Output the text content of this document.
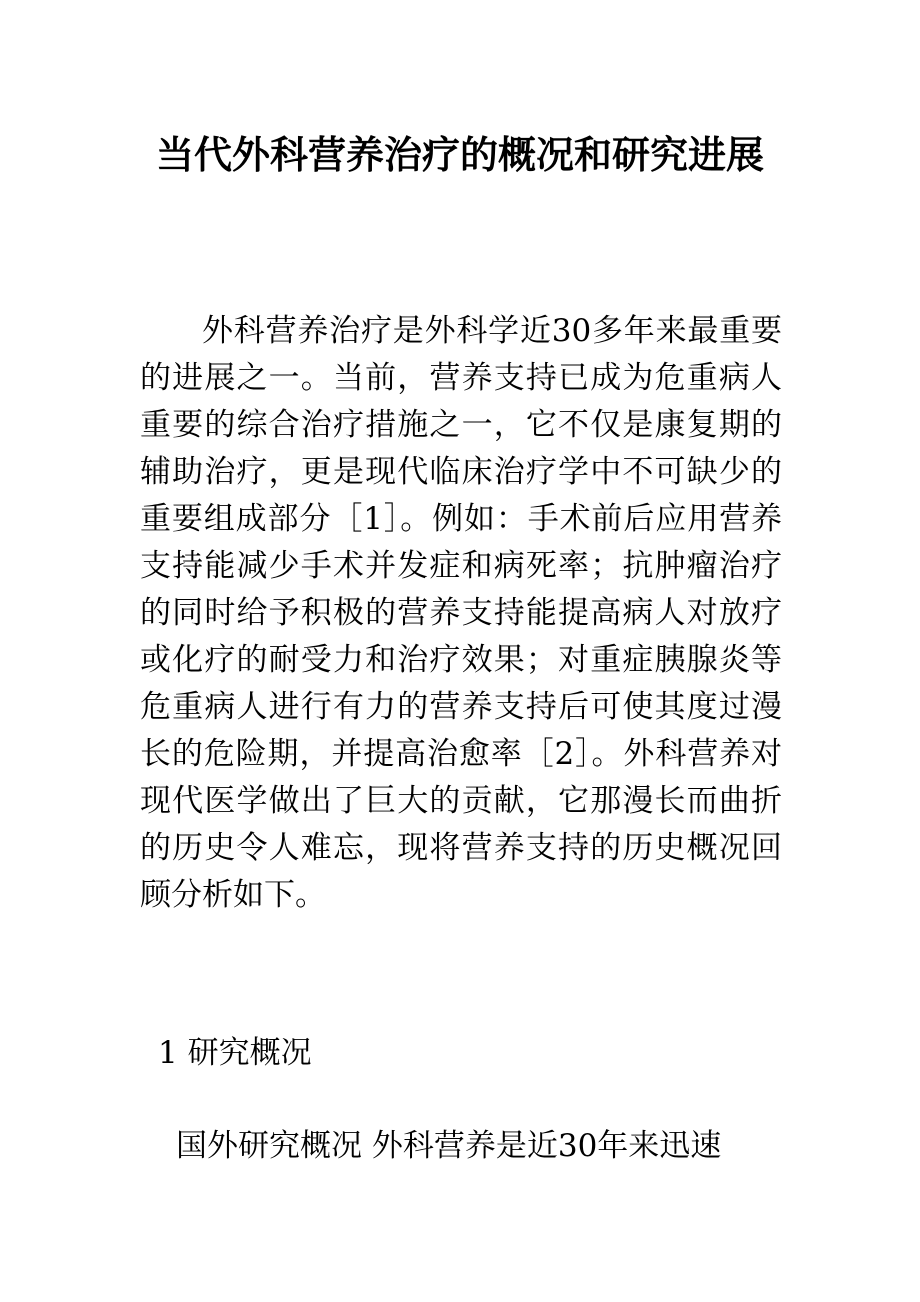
当代外科营养治疗的概况和研究进展

外科营养治疗是外科学近30多年来最重要的进展之一。当前，营养支持已成为危重病人重要的综合治疗措施之一，它不仅是康复期的辅助治疗，更是现代临床治疗学中不可缺少的重要组成部分［1］。例如：手术前后应用营养支持能减少手术并发症和病死率；抗肿瘤治疗的同时给予积极的营养支持能提高病人对放疗或化疗的耐受力和治疗效果；对重症胰腺炎等危重病人进行有力的营养支持后可使其度过漫长的危险期，并提高治愈率［2］。外科营养对现代医学做出了巨大的贡献，它那漫长而曲折的历史令人难忘，现将营养支持的历史概况回顾分析如下。

1 研究概况

国外研究概况 外科营养是近30年来迅速
